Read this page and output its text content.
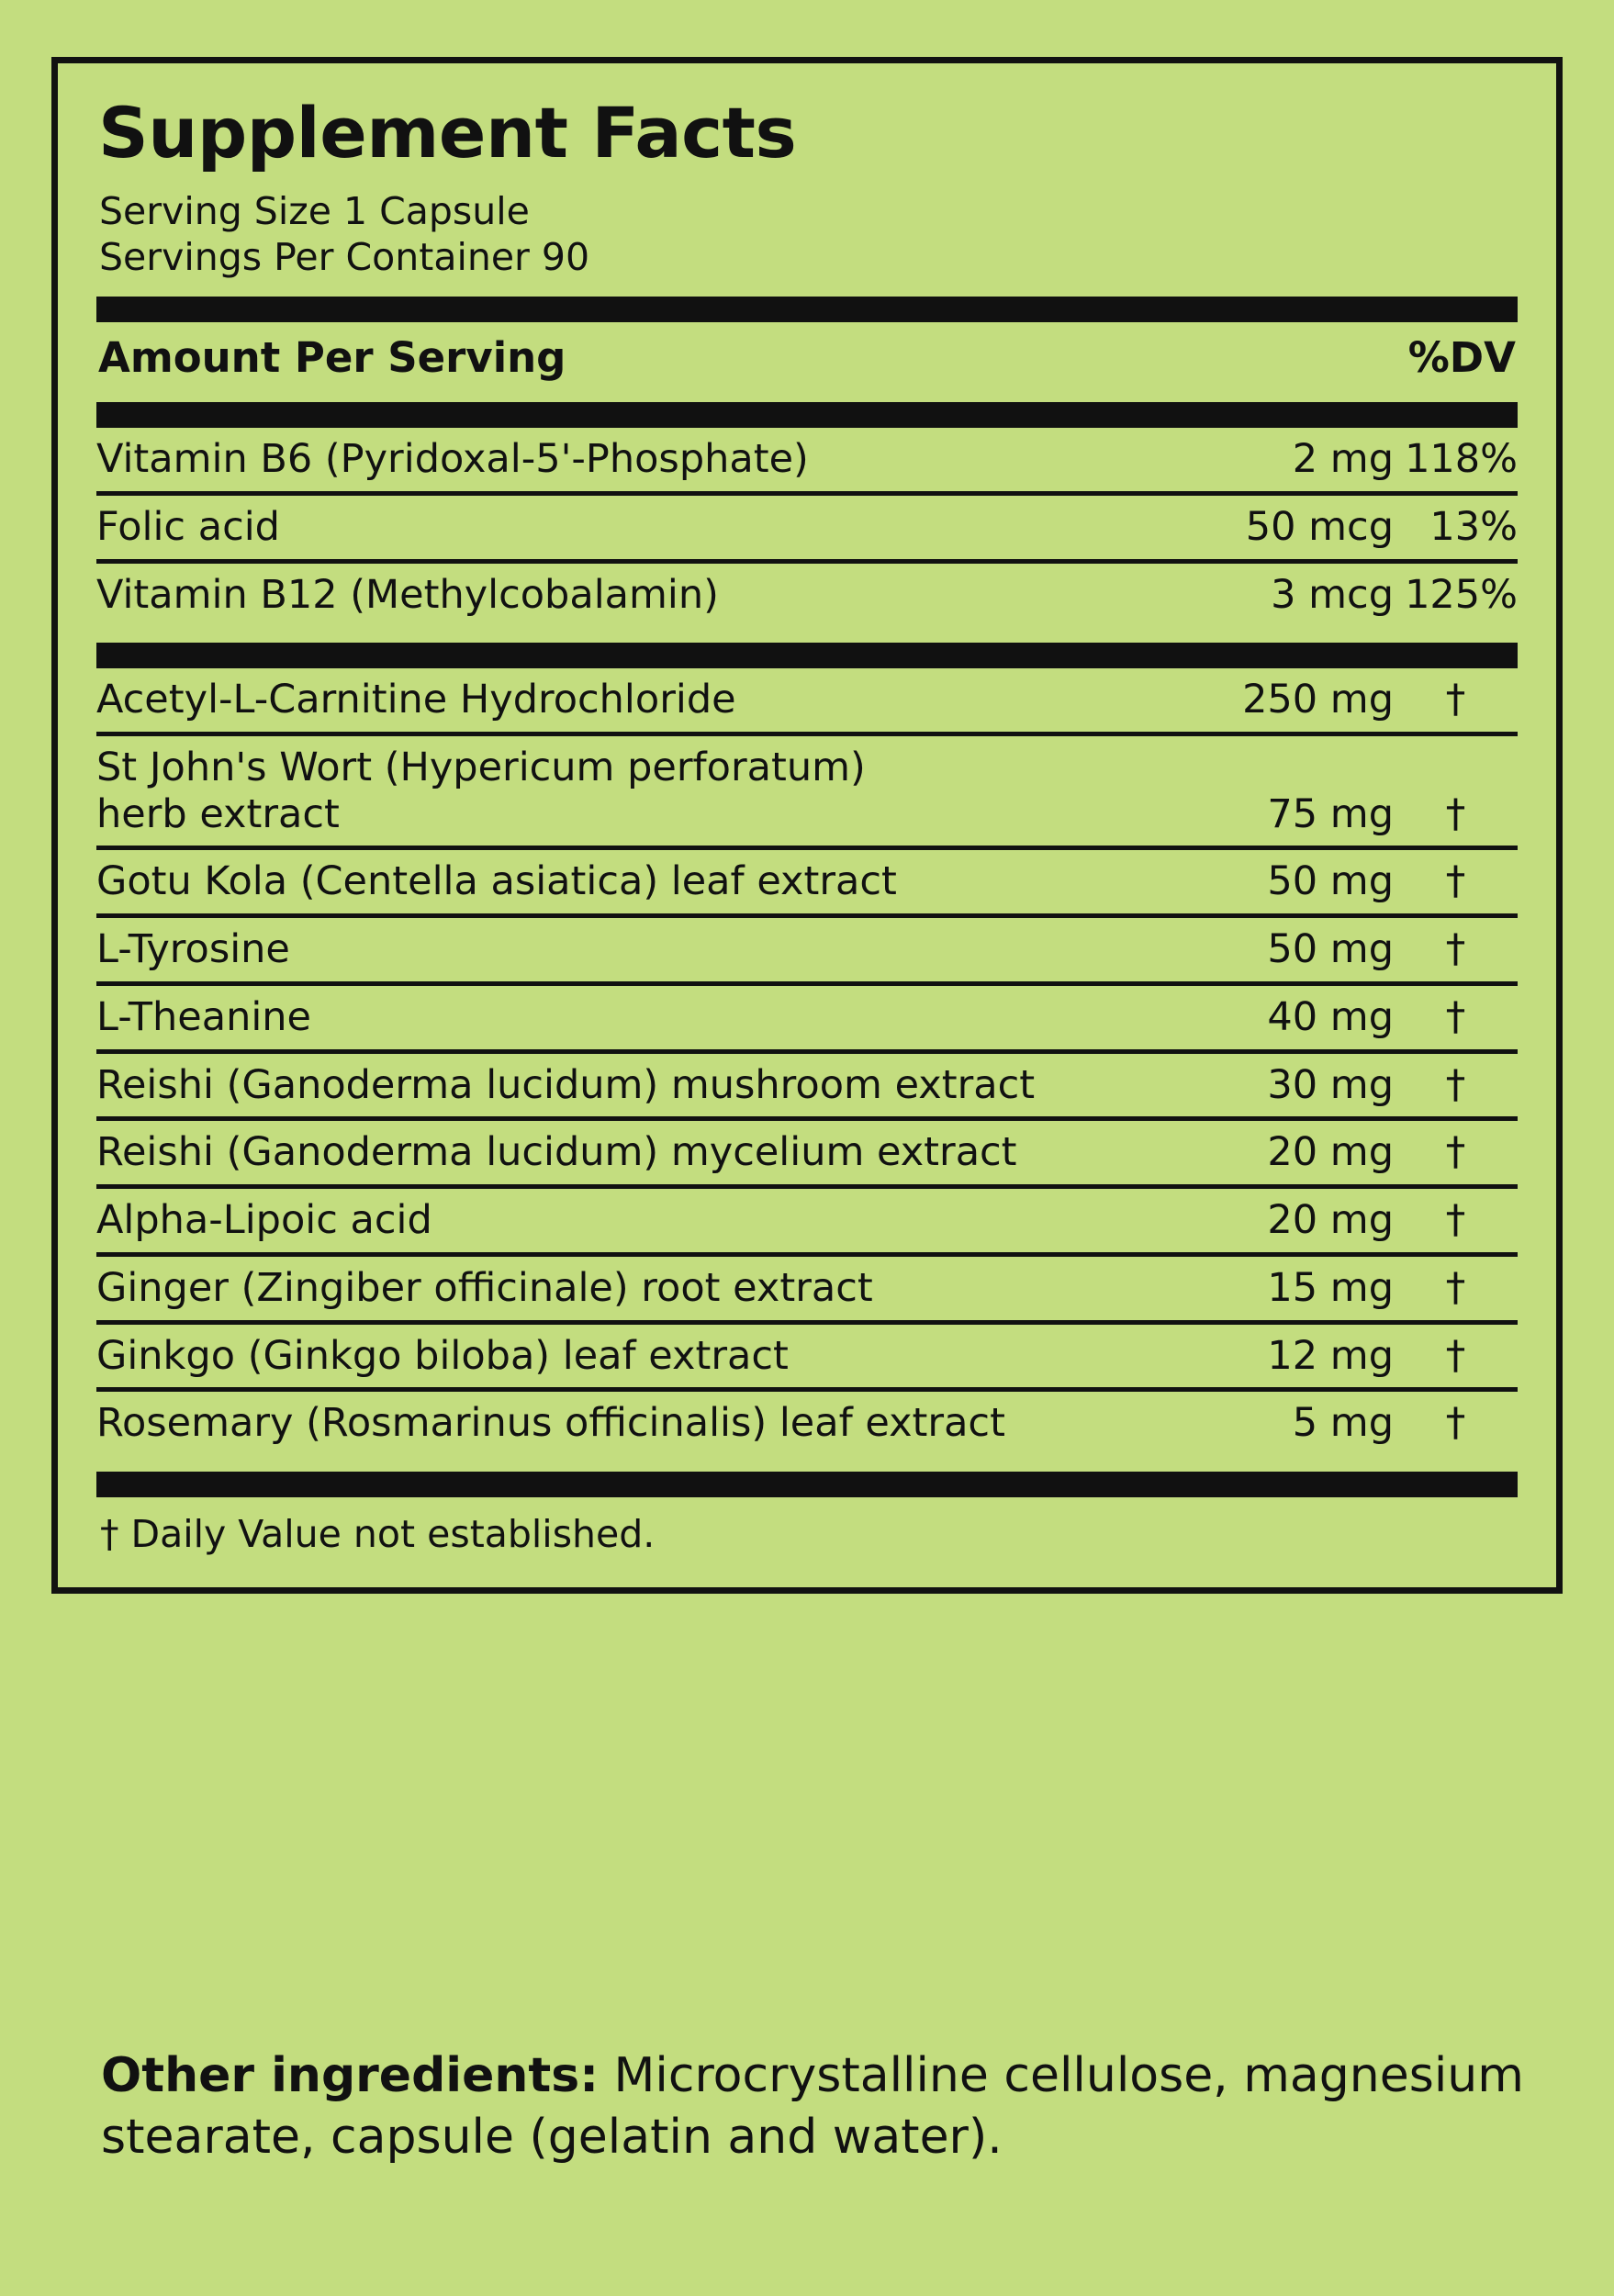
Supplement Facts
Serving Size 1 Capsule
Servings Per Container 90
Amount Per Serving	%DV
Vitamin B6 (Pyridoxal-5'-Phosphate)	2 mg	118%
Folic acid	50 mcg	13%
Vitamin B12 (Methylcobalamin)	3 mcg	125%
Acetyl-L-Carnitine Hydrochloride	250 mg	†

St John's Wort (Hypericum perforatum)
herb extract	75 mg	†
Gotu Kola (Centella asiatica) leaf extract	50 mg	†
L-Tyrosine	50 mg	†
L-Theanine	40 mg	†
Reishi (Ganoderma lucidum) mushroom extract	30 mg	†
Reishi (Ganoderma lucidum) mycelium extract	20 mg	†
Alpha-Lipoic acid	20 mg	†
Ginger (Zingiber officinale) root extract	15 mg	†
Ginkgo (Ginkgo biloba) leaf extract	12 mg	†
Rosemary (Rosmarinus officinalis) leaf extract	5 mg	†
† Daily Value not established.
Other ingredients: Microcrystalline cellulose, magnesium stearate, capsule (gelatin and water).
